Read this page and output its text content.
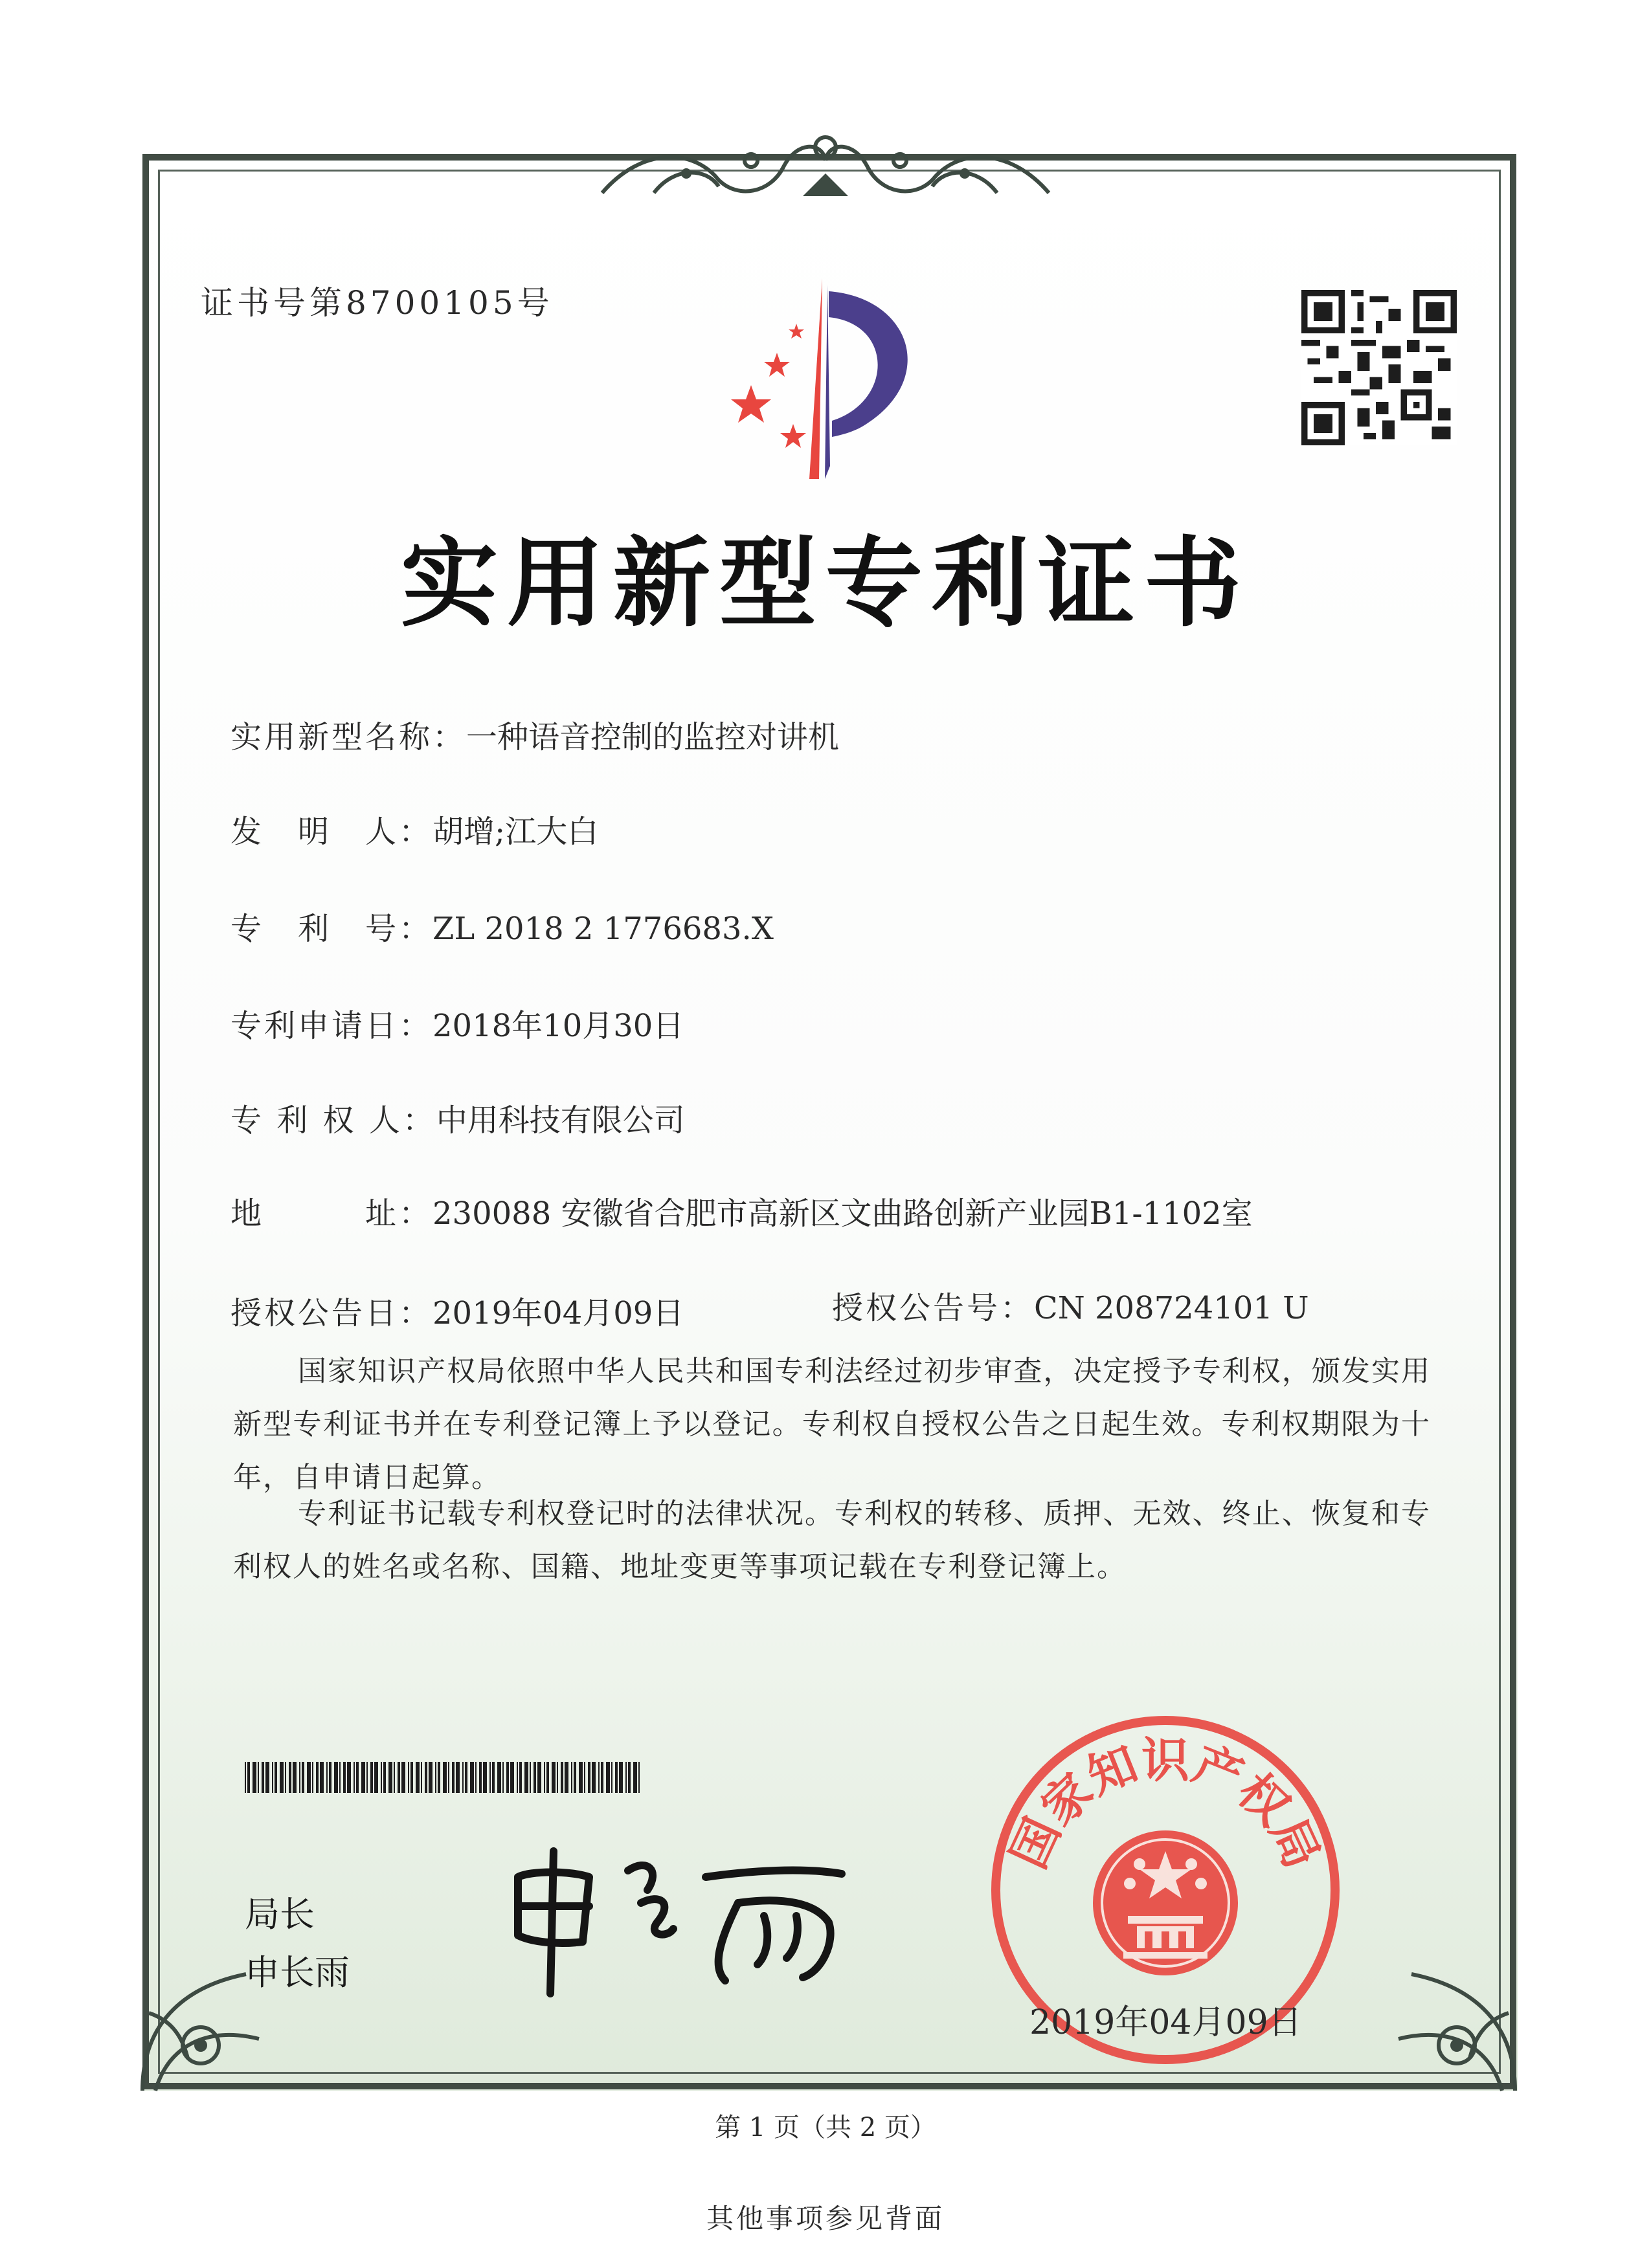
证书号第8700105号
实用新型专利证书
实用新型名称：一种语音控制的监控对讲机
发　明　人：胡增;江大白
专　利　号：ZL 2018 2 1776683.X
专利申请日：2018年10月30日
专 利 权 人：中用科技有限公司
地　　　址：230088 安徽省合肥市高新区文曲路创新产业园B1-1102室
授权公告日：2019年04月09日	授权公告号：CN 208724101 U
国家知识产权局依照中华人民共和国专利法经过初步审查，决定授予专利权，颁发实用新型专利证书并在专利登记簿上予以登记。专利权自授权公告之日起生效。专利权期限为十年，自申请日起算。
专利证书记载专利权登记时的法律状况。专利权的转移、质押、无效、终止、恢复和专利权人的姓名或名称、国籍、地址变更等事项记载在专利登记簿上。
局长
申长雨
国家知识产权局
2019年04月09日
第 1 页（共 2 页）
其他事项参见背面
